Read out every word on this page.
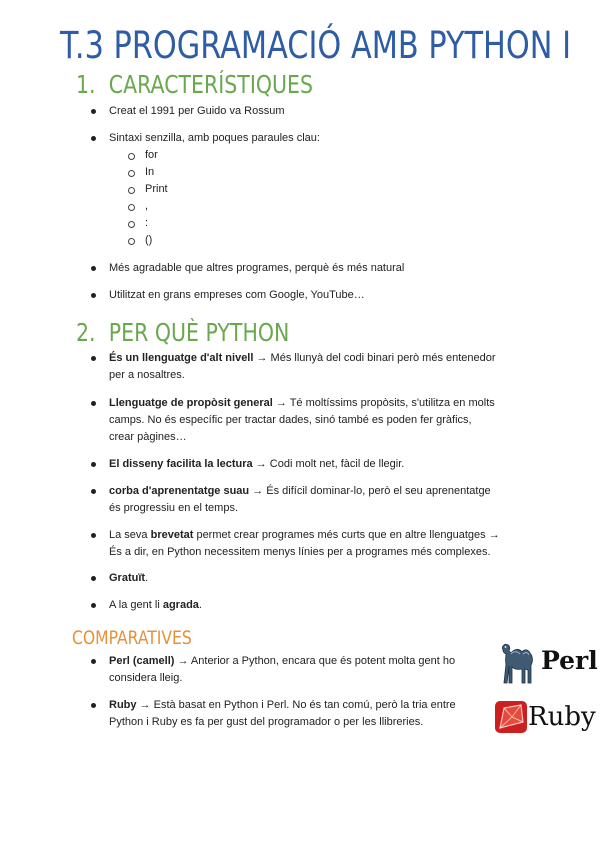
T.3 PROGRAMACIÓ AMB PYTHON I
1. CARACTERÍSTIQUES
Creat el 1991 per Guido va Rossum
Sintaxi senzilla, amb poques paraules clau:
for
In
Print
,
:
()
Més agradable que altres programes, perquè és més natural
Utilitzat en grans empreses com Google, YouTube…
2. PER QUÈ PYTHON
És un llenguatge d'alt nivell → Més llunyà del codi binari però més entenedor
per a nosaltres.
Llenguatge de propòsit general → Té moltíssims propòsits, s'utilitza en molts
camps. No és específic per tractar dades, sinó també es poden fer gràfics,
crear pàgines…
El disseny facilita la lectura → Codi molt net, fàcil de llegir.
corba d'aprenentatge suau → És difícil dominar-lo, però el seu aprenentatge
és progressiu en el temps.
La seva brevetat permet crear programes més curts que en altre llenguatges →
És a dir, en Python necessitem menys línies per a programes més complexes.
Gratuït.
A la gent li agrada.
COMPARATIVES
Perl (camell) → Anterior a Python, encara que és potent molta gent ho
considera lleig.
Ruby → Està basat en Python i Perl. No és tan comú, però la tria entre
Python i Ruby es fa per gust del programador o per les llibreries.
Perl
Ruby
